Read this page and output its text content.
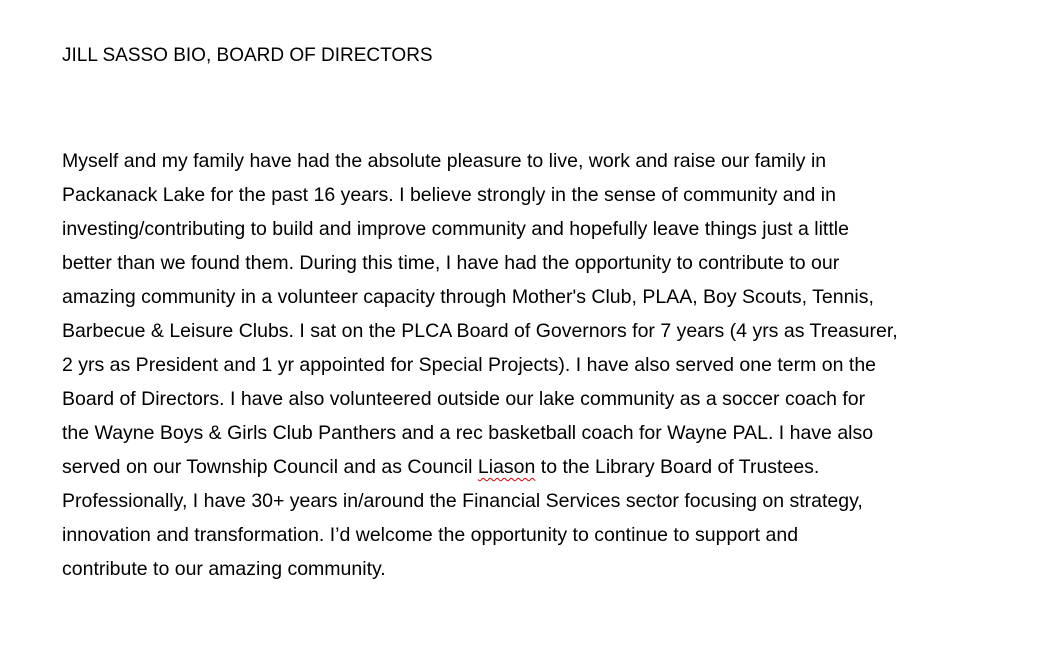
JILL SASSO BIO, BOARD OF DIRECTORS
Myself and my family have had the absolute pleasure to live, work and raise our family in
Packanack Lake for the past 16 years. I believe strongly in the sense of community and in
investing/contributing to build and improve community and hopefully leave things just a little
better than we found them. During this time, I have had the opportunity to contribute to our
amazing community in a volunteer capacity through Mother's Club, PLAA, Boy Scouts, Tennis,
Barbecue & Leisure Clubs. I sat on the PLCA Board of Governors for 7 years (4 yrs as Treasurer,
2 yrs as President and 1 yr appointed for Special Projects). I have also served one term on the
Board of Directors. I have also volunteered outside our lake community as a soccer coach for
the Wayne Boys & Girls Club Panthers and a rec basketball coach for Wayne PAL. I have also
served on our Township Council and as Council Liason to the Library Board of Trustees.
Professionally, I have 30+ years in/around the Financial Services sector focusing on strategy,
innovation and transformation. I’d welcome the opportunity to continue to support and
contribute to our amazing community.
